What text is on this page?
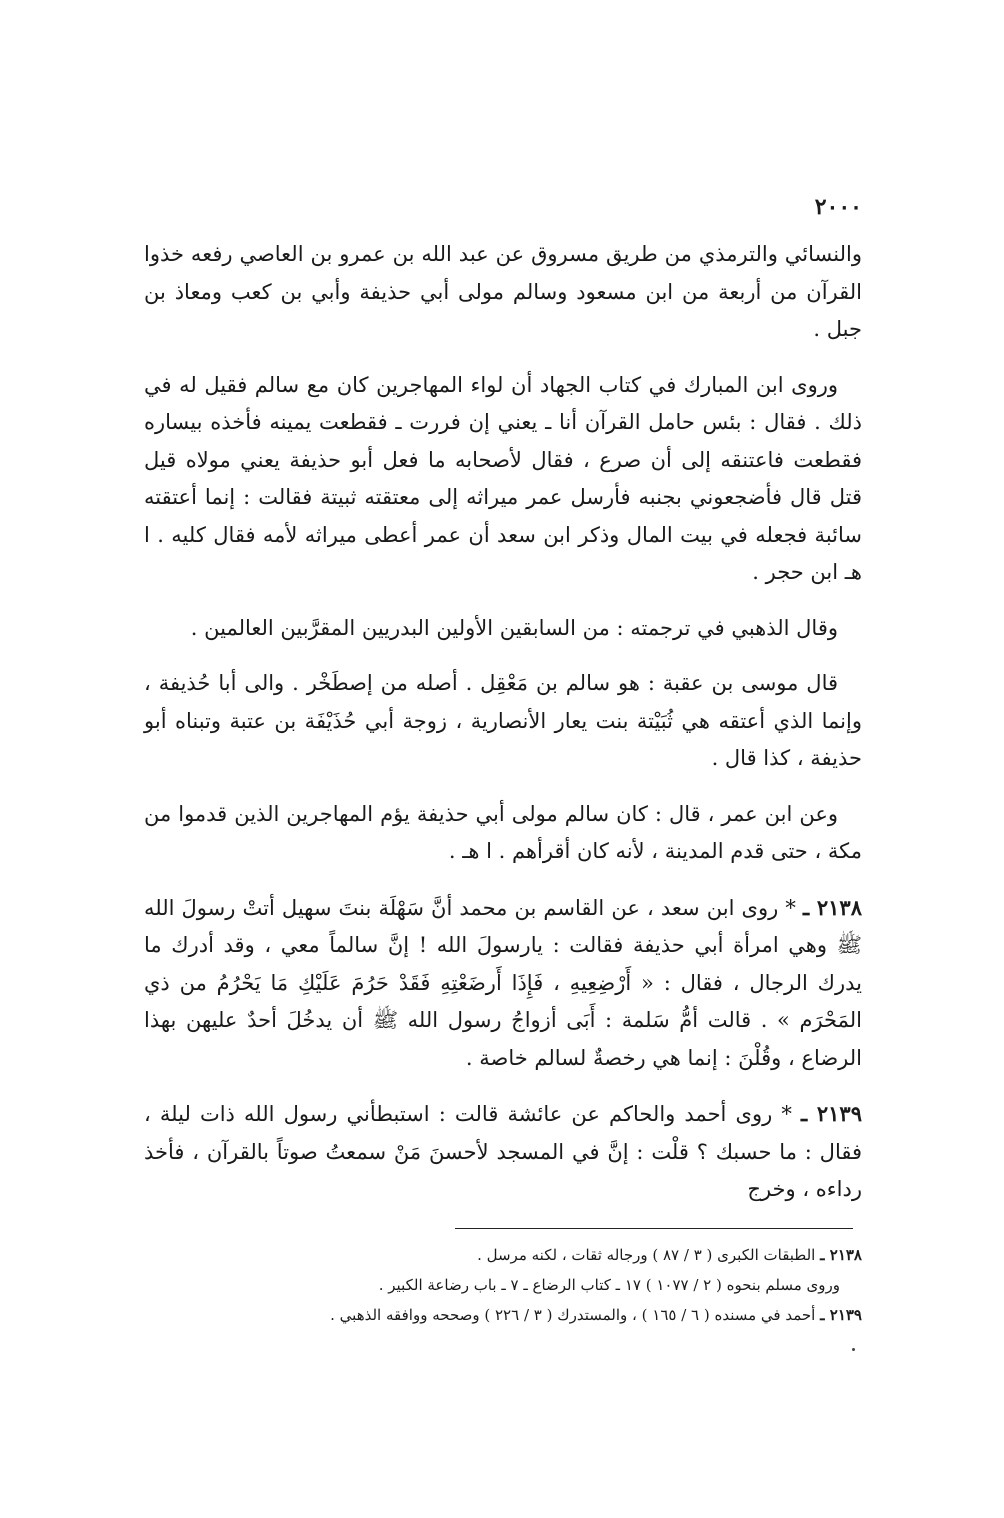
٢٠٠٠

والنسائي والترمذي من طريق مسروق عن عبد الله بن عمرو بن العاصي رفعه خذوا القرآن من أربعة من ابن مسعود وسالم مولى أبي حذيفة وأبي بن كعب ومعاذ بن جبل .

وروى ابن المبارك في كتاب الجهاد أن لواء المهاجرين كان مع سالم فقيل له في ذلك . فقال : بئس حامل القرآن أنا ـ يعني إن فررت ـ فقطعت يمينه فأخذه بيساره فقطعت فاعتنقه إلى أن صرع ، فقال لأصحابه ما فعل أبو حذيفة يعني مولاه قيل قتل قال فأضجعوني بجنبه فأرسل عمر ميراثه إلى معتقته ثبيتة فقالت : إنما أعتقته سائبة فجعله في بيت المال وذكر ابن سعد أن عمر أعطى ميراثه لأمه فقال كليه . ا هـ ابن حجر .

وقال الذهبي في ترجمته : من السابقين الأولين البدريين المقرَّبين العالمين .

قال موسى بن عقبة : هو سالم بن مَعْقِل . أصله من إصطَخْر . والى أبا حُذيفة ، وإنما الذي أعتقه هي ثُبَيْتة بنت يعار الأنصارية ، زوجة أبي حُذَيْفَة بن عتبة وتبناه أبو حذيفة ، كذا قال .

وعن ابن عمر ، قال : كان سالم مولى أبي حذيفة يؤم المهاجرين الذين قدموا من مكة ، حتى قدم المدينة ، لأنه كان أقرأهم . ا هـ .

٢١٣٨ ـ * روى ابن سعد ، عن القاسم بن محمد أنَّ سَهْلَة بنتَ سهيل أتتْ رسولَ الله ﷺ وهي امرأة أبي حذيفة فقالت : يارسولَ الله ! إنَّ سالماً معي ، وقد أدرك ما يدرك الرجال ، فقال : « أَرْضِعِيهِ ، فَإِذَا أَرضَعْتِهِ فَقَدْ حَرُمَ عَلَيْكِ مَا يَحْرُمُ من ذي المَحْرَم » . قالت أمُّ سَلمة : أَبَى أزواجُ رسول الله ﷺ أن يدخُلَ أحدٌ عليهن بهذا الرضاع ، وقُلْنَ : إنما هي رخصةٌ لسالم خاصة .

٢١٣٩ ـ * روى أحمد والحاكم عن عائشة قالت : استبطأني رسول الله ذات ليلة ، فقال : ما حسبك ؟ قلْت : إنَّ في المسجد لأحسنَ مَنْ سمعتُ صوتاً بالقرآن ، فأخذ رداءه ، وخرج

٢١٣٨ ـ الطبقات الكبرى ( ٣ / ٨٧ ) ورجاله ثقات ، لكنه مرسل .

وروى مسلم بنحوه ( ٢ / ١٠٧٧ ) ١٧ ـ كتاب الرضاع ـ ٧ ـ باب رضاعة الكبير .

٢١٣٩ ـ أحمد في مسنده ( ٦ / ١٦٥ ) ، والمستدرك ( ٣ / ٢٢٦ ) وصححه ووافقه الذهبي .
